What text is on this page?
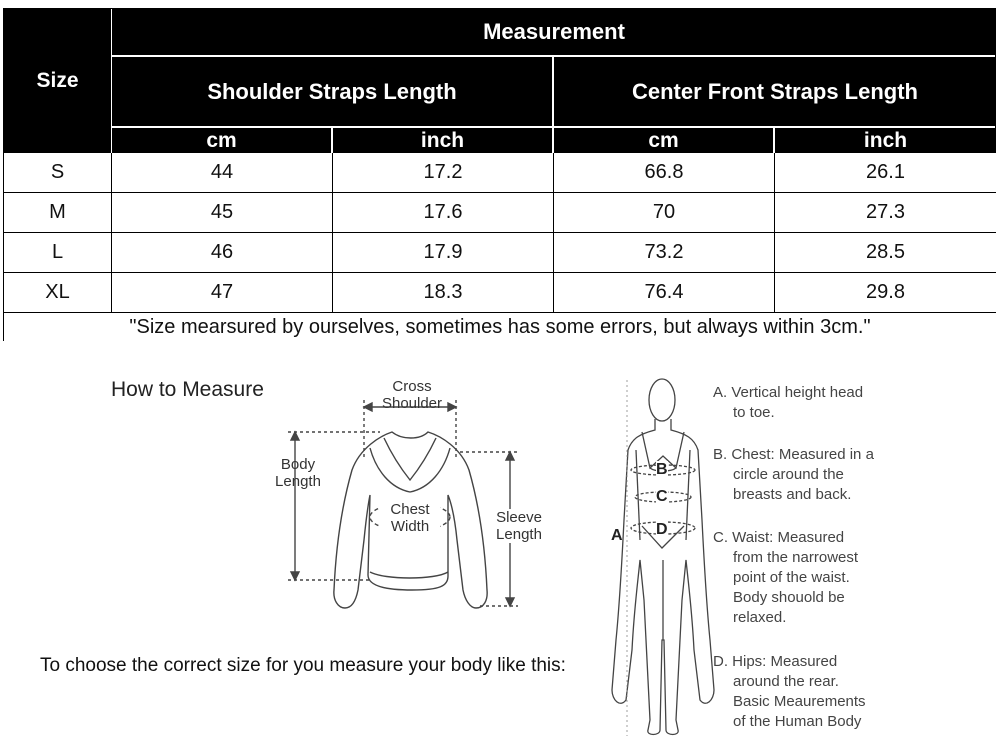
Size
Measurement
Shoulder Straps Length	Center Front Straps Length
cm	inch	cm	inch
S	44	17.2	66.8	26.1
M	45	17.6	70	27.3
L	46	17.9	73.2	28.5
XL	47	18.3	76.4	29.8
"Size mearsured by ourselves, sometimes has some errors, but always within 3cm."
How to Measure	Cross
Shoulder
Body
Length
Chest
Width
Sleeve
Length
To choose the correct size for you measure your body like this:
A
B
C
D
A. Vertical height head
to toe.
B. Chest: Measured in a
circle around the
breasts and back.
C. Waist: Measured
from the narrowest
point of the waist.
Body shouold be
relaxed.
D. Hips: Measured
around the rear.
Basic Meaurements
of the Human Body
